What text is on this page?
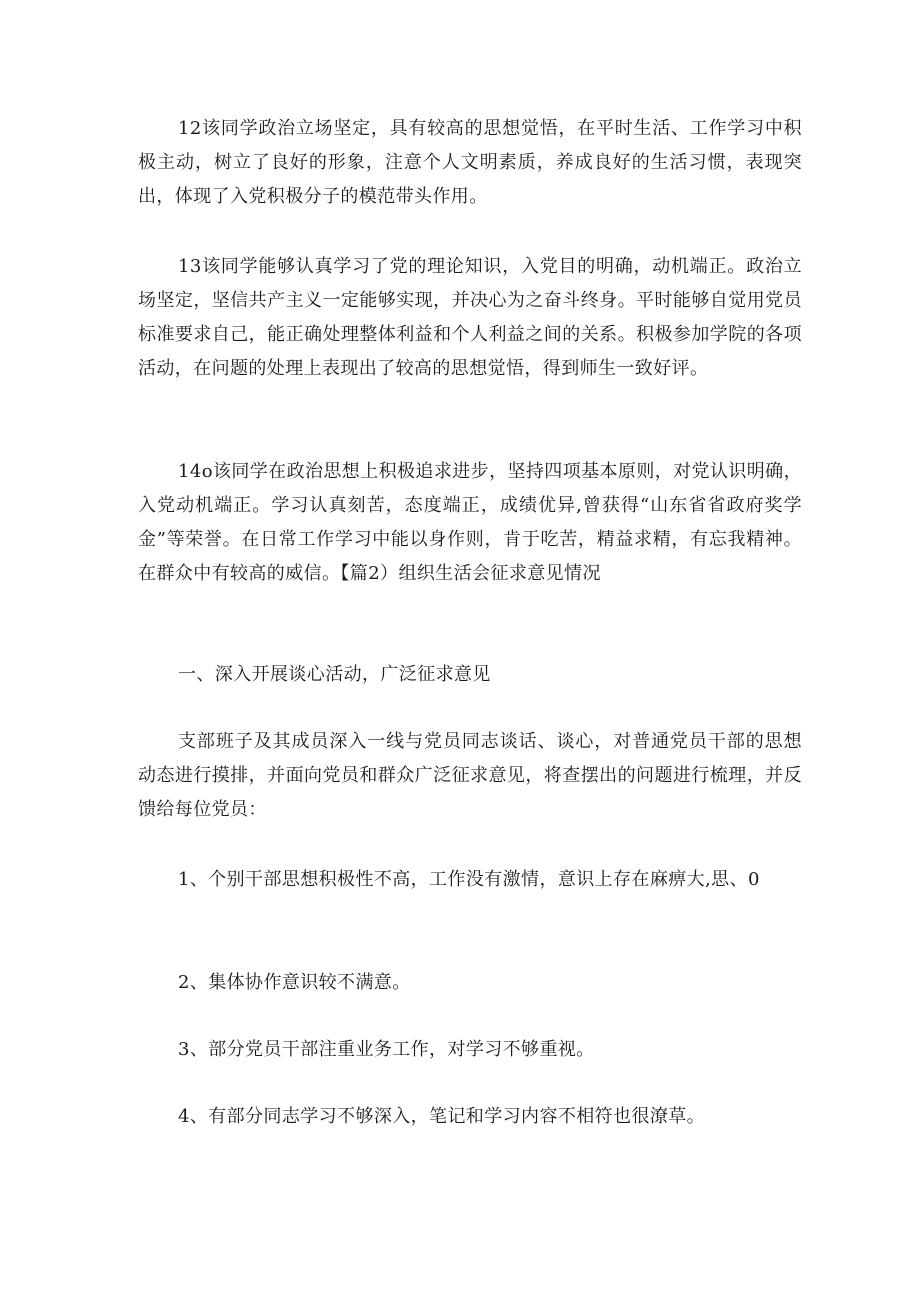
12该同学政治立场坚定，具有较高的思想觉悟，在平时生活、工作学习中积极主动，树立了良好的形象，注意个人文明素质，养成良好的生活习惯，表现突出，体现了入党积极分子的模范带头作用。

13该同学能够认真学习了党的理论知识，入党目的明确，动机端正。政治立场坚定，坚信共产主义一定能够实现，并决心为之奋斗终身。平时能够自觉用党员标准要求自己，能正确处理整体利益和个人利益之间的关系。积极参加学院的各项活动，在问题的处理上表现出了较高的思想觉悟，得到师生一致好评。

14o该同学在政治思想上积极追求进步，坚持四项基本原则，对党认识明确，入党动机端正。学习认真刻苦，态度端正，成绩优异,曾获得“山东省省政府奖学金”等荣誉。在日常工作学习中能以身作则，肯于吃苦，精益求精，有忘我精神。在群众中有较高的威信。【篇2）组织生活会征求意见情况

一、深入开展谈心活动，广泛征求意见

支部班子及其成员深入一线与党员同志谈话、谈心，对普通党员干部的思想动态进行摸排，并面向党员和群众广泛征求意见，将查摆出的问题进行梳理，并反馈给每位党员：

1、个别干部思想积极性不高，工作没有激情，意识上存在麻痹大,思、0

2、集体协作意识较不满意。

3、部分党员干部注重业务工作，对学习不够重视。

4、有部分同志学习不够深入，笔记和学习内容不相符也很潦草。
